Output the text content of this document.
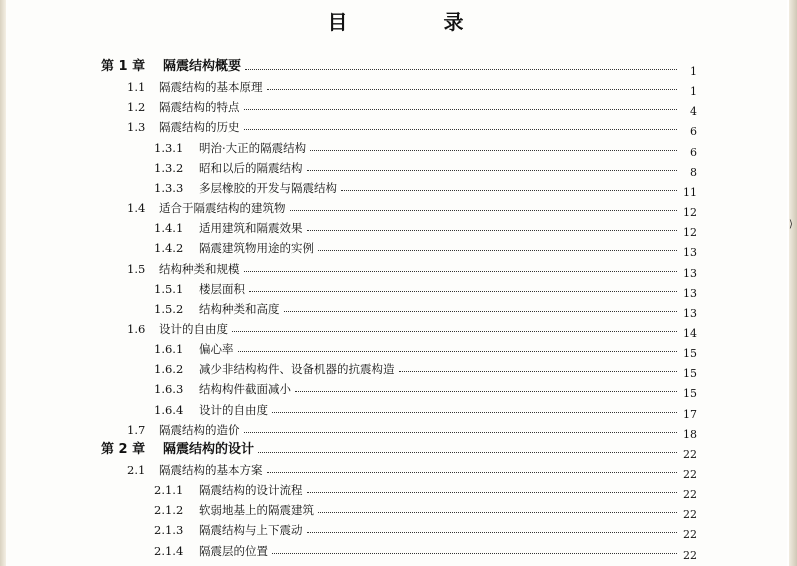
目　录
第 1 章	隔震结构概要	1
1.1	隔震结构的基本原理	1
1.2	隔震结构的特点	4
1.3	隔震结构的历史	6
1.3.1	明治·大正的隔震结构	6
1.3.2	昭和以后的隔震结构	8
1.3.3	多层橡胶的开发与隔震结构	11
1.4	适合于隔震结构的建筑物	12
1.4.1	适用建筑和隔震效果	12
1.4.2	隔震建筑物用途的实例	13
1.5	结构种类和规模	13
1.5.1	楼层面积	13
1.5.2	结构种类和高度	13
1.6	设计的自由度	14
1.6.1	偏心率	15
1.6.2	减少非结构构件、设备机器的抗震构造	15
1.6.3	结构构件截面减小	15
1.6.4	设计的自由度	17
1.7	隔震结构的造价	18
第 2 章	隔震结构的设计	22
2.1	隔震结构的基本方案	22
2.1.1	隔震结构的设计流程	22
2.1.2	软弱地基上的隔震建筑	22
2.1.3	隔震结构与上下震动	22
2.1.4	隔震层的位置	22
⟩
